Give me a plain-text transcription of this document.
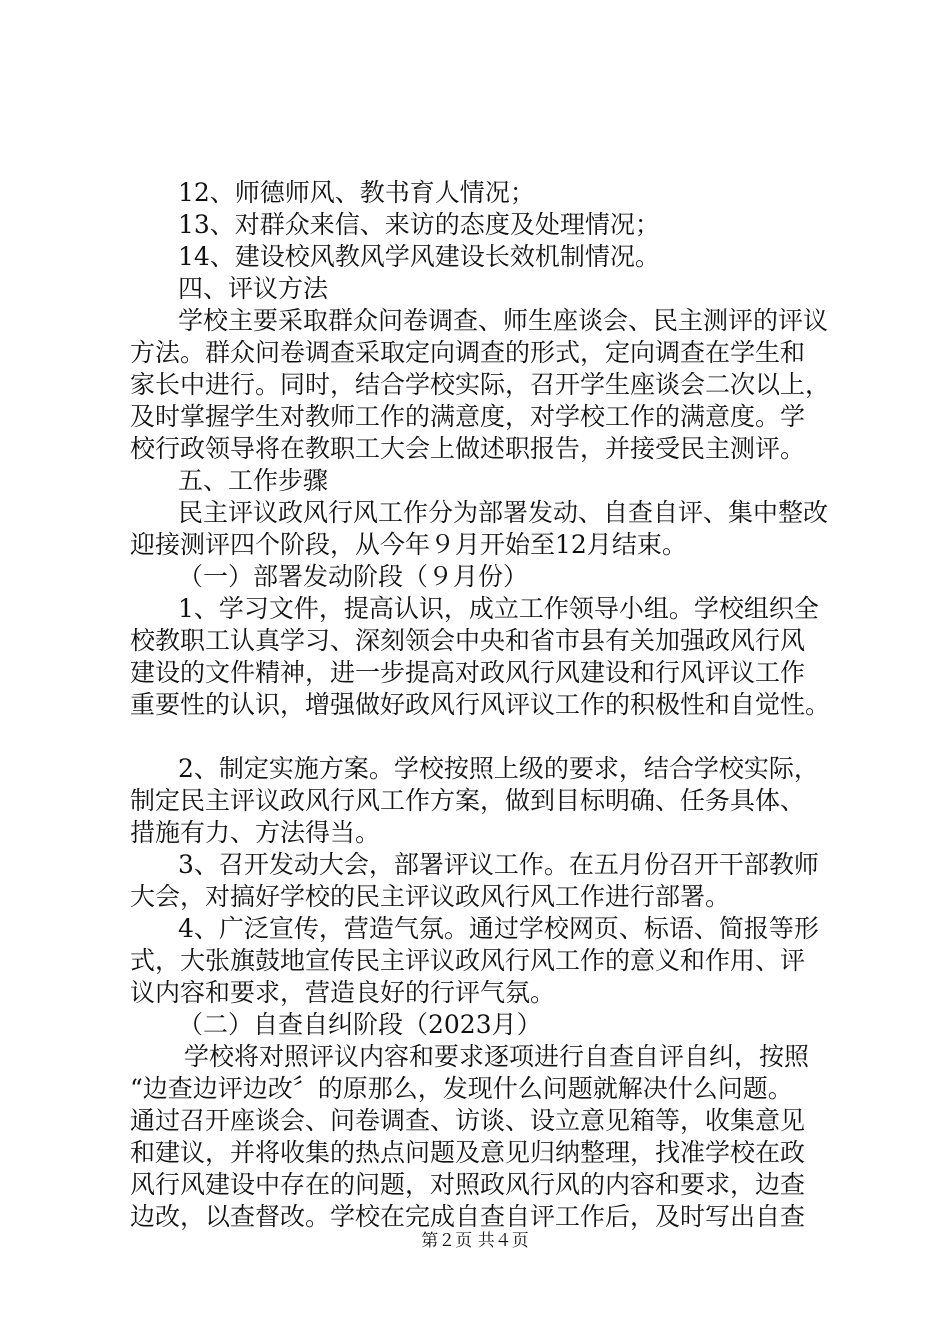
12、师德师风、教书育人情况；
13、对群众来信、来访的态度及处理情况；
14、建设校风教风学风建设长效机制情况。
四、评议方法
学校主要采取群众问卷调查、师生座谈会、民主测评的评议
方法。群众问卷调查采取定向调查的形式，定向调查在学生和
家长中进行。同时，结合学校实际，召开学生座谈会二次以上，
及时掌握学生对教师工作的满意度，对学校工作的满意度。学
校行政领导将在教职工大会上做述职报告，并接受民主测评。
五、工作步骤
民主评议政风行风工作分为部署发动、自查自评、集中整改
迎接测评四个阶段，从今年９月开始至12月结束。
（一）部署发动阶段（９月份）
1、学习文件，提高认识，成立工作领导小组。学校组织全
校教职工认真学习、深刻领会中央和省市县有关加强政风行风
建设的文件精神，进一步提高对政风行风建设和行风评议工作
重要性的认识，增强做好政风行风评议工作的积极性和自觉性。
2、制定实施方案。学校按照上级的要求，结合学校实际，
制定民主评议政风行风工作方案，做到目标明确、任务具体、
措施有力、方法得当。
3、召开发动大会，部署评议工作。在五月份召开干部教师
大会，对搞好学校的民主评议政风行风工作进行部署。
4、广泛宣传，营造气氛。通过学校网页、标语、简报等形
式，大张旗鼓地宣传民主评议政风行风工作的意义和作用、评
议内容和要求，营造良好的行评气氛。
（二）自查自纠阶段（2023月）
学校将对照评议内容和要求逐项进行自查自评自纠，按照
“边查边评边改〞的原那么，发现什么问题就解决什么问题。
通过召开座谈会、问卷调查、访谈、设立意见箱等，收集意见
和建议，并将收集的热点问题及意见归纳整理，找准学校在政
风行风建设中存在的问题，对照政风行风的内容和要求，边查
边改，以查督改。学校在完成自查自评工作后，及时写出自查
第２页 共４页
